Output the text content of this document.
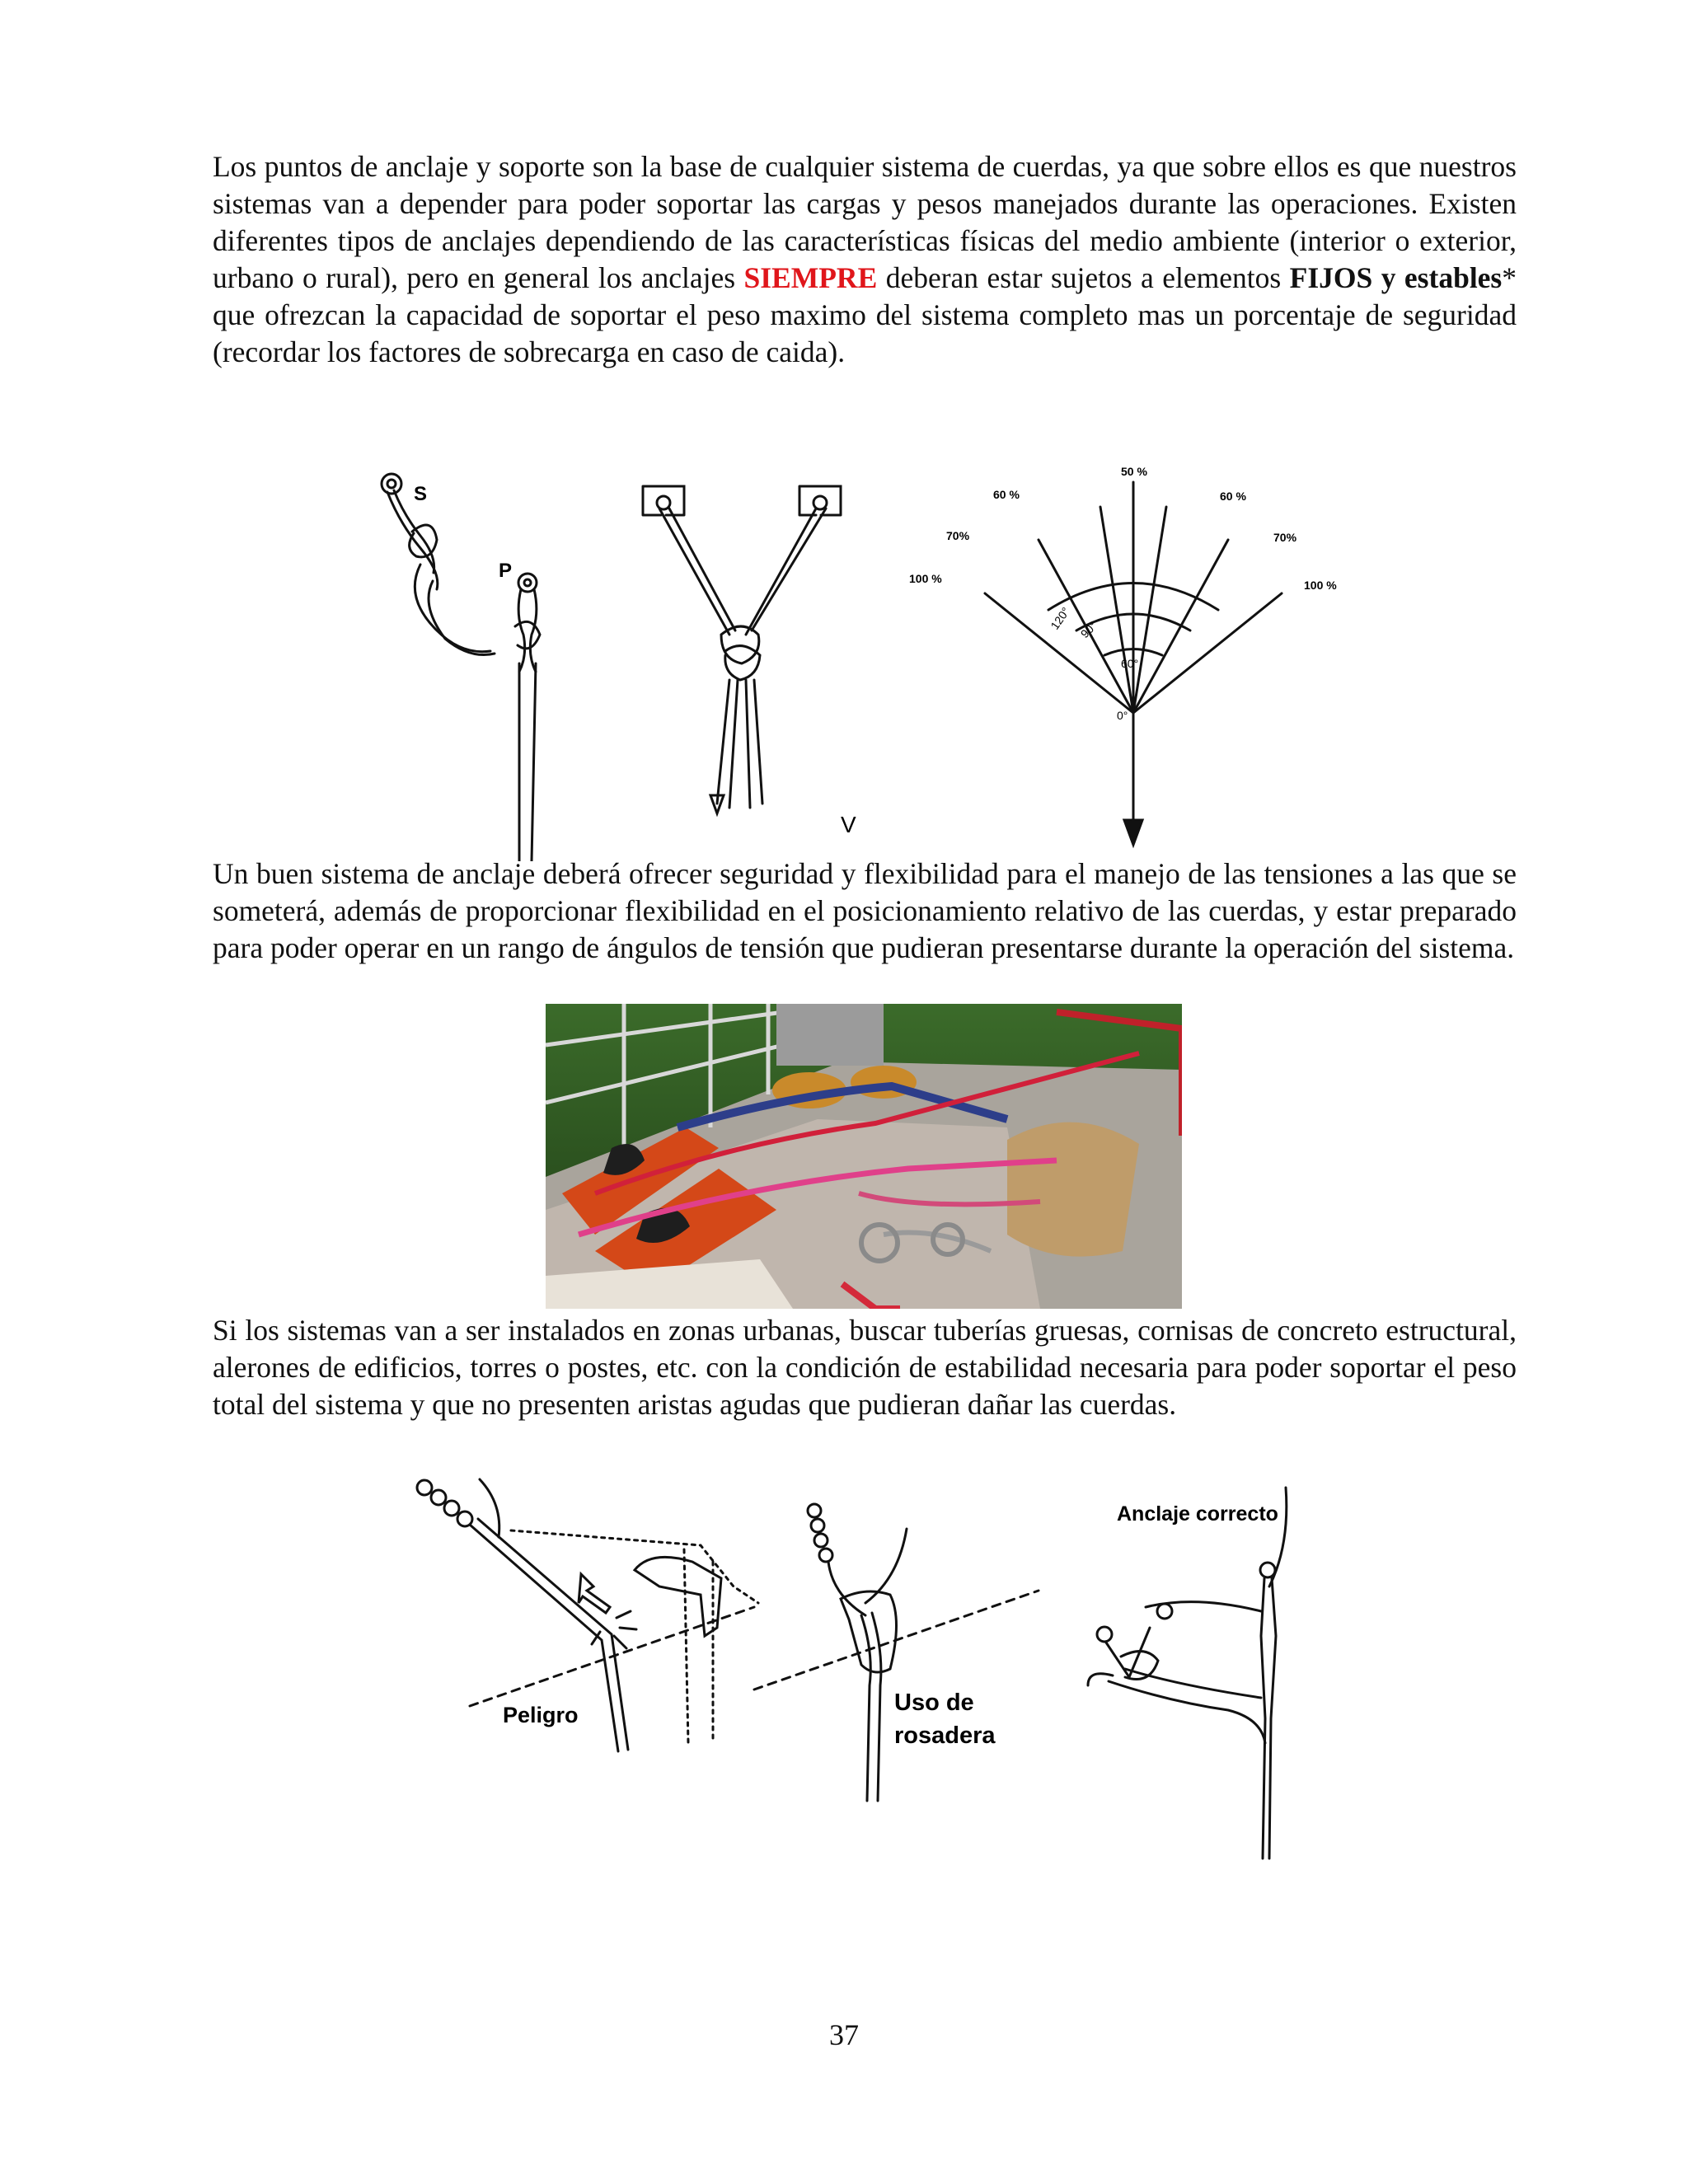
Los puntos de anclaje y soporte son la base de cualquier sistema de cuerdas, ya que sobre ellos es que nuestros sistemas van a depender para poder soportar las cargas y pesos manejados durante las operaciones. Existen diferentes tipos de anclajes dependiendo de las características físicas del medio ambiente (interior o exterior, urbano o rural), pero en general los anclajes SIEMPRE deberan estar sujetos a elementos FIJOS y estables* que ofrezcan la capacidad de soportar el peso maximo del sistema completo mas un porcentaje de seguridad (recordar los factores de sobrecarga en caso de caida).

S
P
V
50 %
60 %	60 %
70%	70%
100 %	100 %
120° 90°
60°
0°

Un buen sistema de anclaje deberá ofrecer seguridad y flexibilidad para el manejo de las tensiones a las que se someterá, además de proporcionar flexibilidad en el posicionamiento relativo de las cuerdas, y estar preparado para poder operar en un rango de ángulos de tensión que pudieran presentarse durante la operación del sistema.

Si los sistemas van a ser instalados en zonas urbanas, buscar tuberías gruesas, cornisas de concreto estructural, alerones de edificios, torres o postes, etc. con la condición de estabilidad necesaria para poder soportar el peso total del sistema y que no presenten aristas agudas que pudieran dañar las cuerdas.

Peligro	Uso de
rosadera
Anclaje correcto
37
